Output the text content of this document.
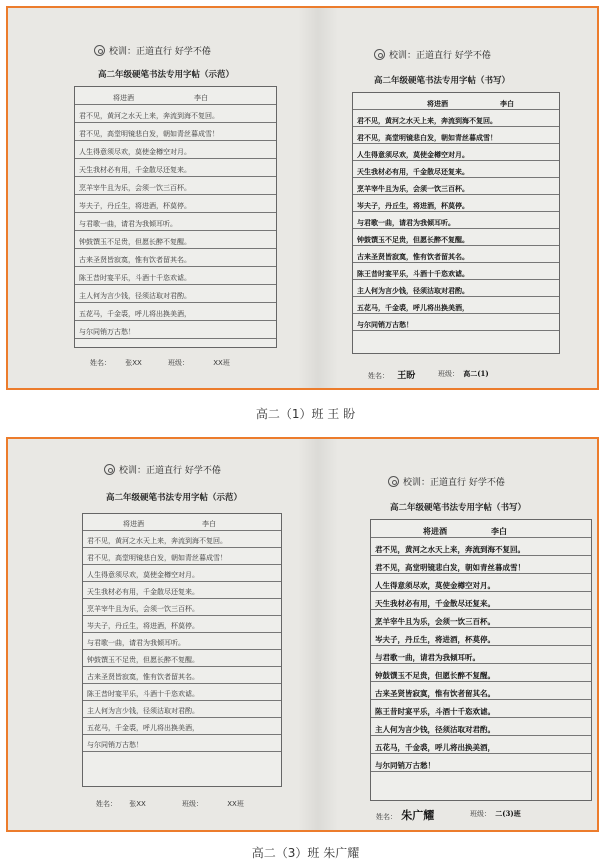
校训：正道直行 好学不倦
高二年级硬笔书法专用字帖（示范）
将进酒	李白
君不见，黄河之水天上来，奔流到海不复回。
君不见，高堂明镜悲白发，朝如青丝暮成雪！
人生得意须尽欢，莫使金樽空对月。
天生我材必有用，千金散尽还复来。
烹羊宰牛且为乐，会须一饮三百杯。
岑夫子，丹丘生，将进酒，杯莫停。
与君歌一曲，请君为我倾耳听。
钟鼓馔玉不足贵，但愿长醉不复醒。
古来圣贤皆寂寞，惟有饮者留其名。
陈王昔时宴平乐，斗酒十千恣欢谑。
主人何为言少钱，径须沽取对君酌。
五花马，千金裘，呼儿将出换美酒，
与尔同销万古愁！
姓名： 张XX	班级：	XX班
校训：正道直行 好学不倦
高二年级硬笔书法专用字帖（书写）
将进酒	李白
君不见，黄河之水天上来，奔流到海不复回。
君不见，高堂明镜悲白发，朝如青丝暮成雪！
人生得意须尽欢，莫使金樽空对月。
天生我材必有用，千金散尽还复来。
烹羊宰牛且为乐，会须一饮三百杯。
岑夫子，丹丘生，将进酒，杯莫停。
与君歌一曲，请君为我倾耳听。
钟鼓馔玉不足贵，但愿长醉不复醒。
古来圣贤皆寂寞，惟有饮者留其名。
陈王昔时宴平乐，斗酒十千恣欢谑。
主人何为言少钱，径须沽取对君酌。
五花马，千金裘，呼儿将出换美酒，
与尔同销万古愁！
姓名： 王盼	班级： 高二(1)
高二（1）班 王 盼
校训：正道直行 好学不倦
高二年级硬笔书法专用字帖（示范）
将进酒	李白
君不见，黄河之水天上来，奔流到海不复回。
君不见，高堂明镜悲白发，朝如青丝暮成雪！
人生得意须尽欢，莫使金樽空对月。
天生我材必有用，千金散尽还复来。
烹羊宰牛且为乐，会须一饮三百杯。
岑夫子，丹丘生，将进酒，杯莫停。
与君歌一曲，请君为我倾耳听。
钟鼓馔玉不足贵，但愿长醉不复醒。
古来圣贤皆寂寞，惟有饮者留其名。
陈王昔时宴平乐，斗酒十千恣欢谑。
主人何为言少钱，径须沽取对君酌。
五花马，千金裘，呼儿将出换美酒，
与尔同销万古愁！
姓名： 张XX	班级：	XX班
校训：正道直行 好学不倦
高二年级硬笔书法专用字帖（书写）
将进酒	李白
君不见，黄河之水天上来，奔流到海不复回。
君不见，高堂明镜悲白发，朝如青丝暮成雪！
人生得意须尽欢，莫使金樽空对月。
天生我材必有用，千金散尽还复来。
烹羊宰牛且为乐，会须一饮三百杯。
岑夫子，丹丘生，将进酒，杯莫停。
与君歌一曲，请君为我倾耳听。
钟鼓馔玉不足贵，但愿长醉不复醒。
古来圣贤皆寂寞，惟有饮者留其名。
陈王昔时宴平乐，斗酒十千恣欢谑。
主人何为言少钱，径须沽取对君酌。
五花马，千金裘，呼儿将出换美酒，
与尔同销万古愁！
姓名： 朱广耀	班级： 二(3)班
高二（3）班 朱广耀
